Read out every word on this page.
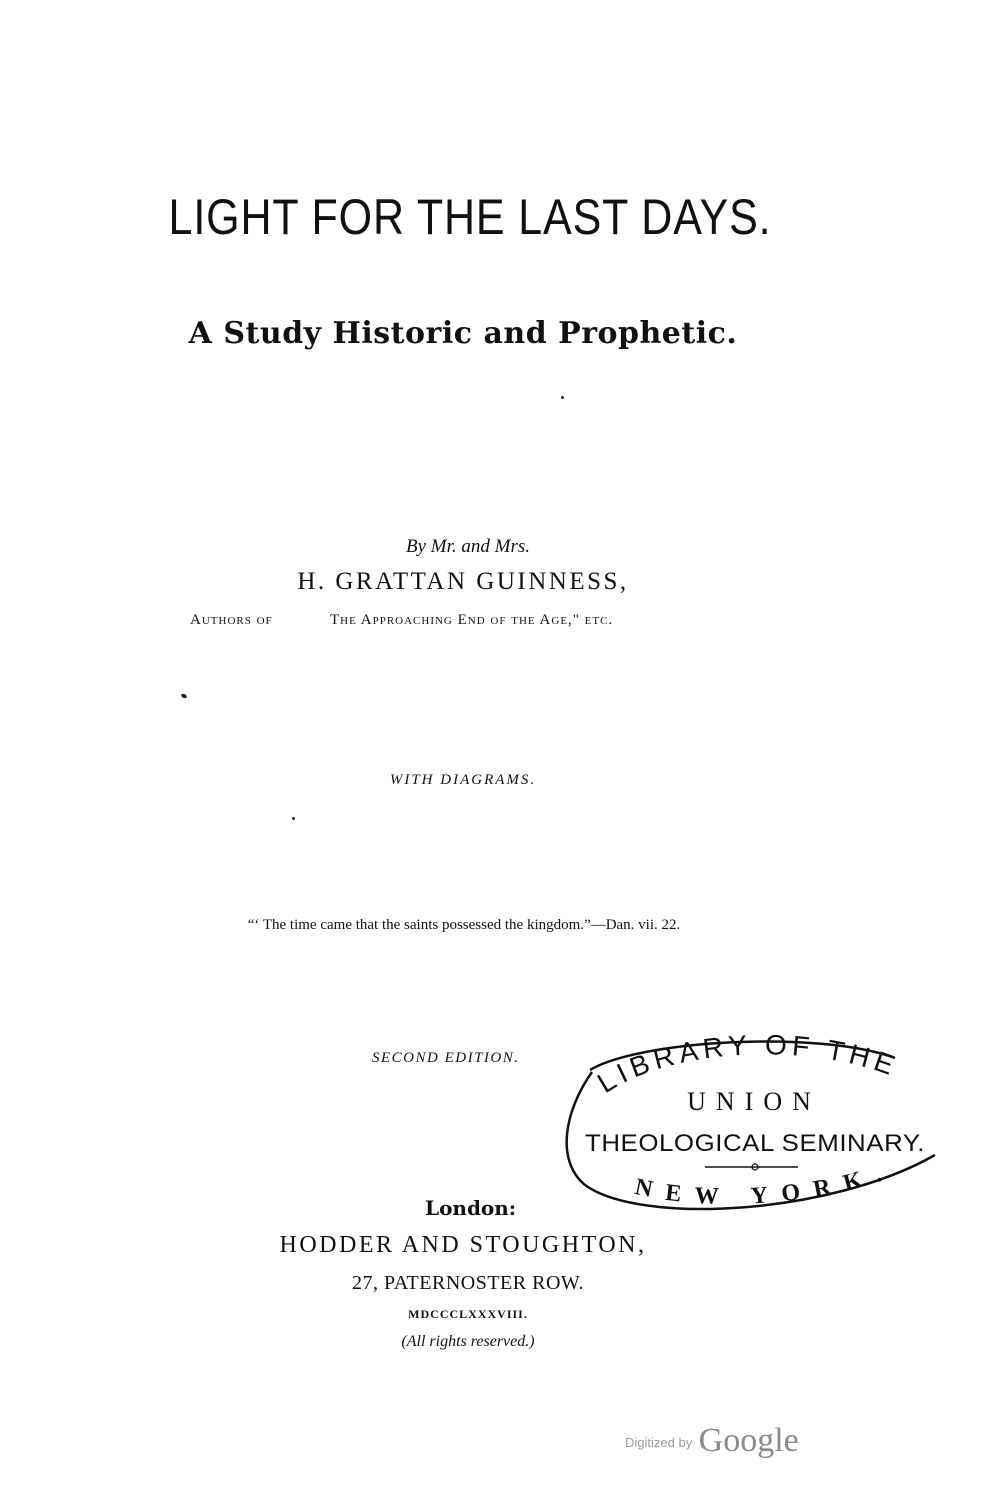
LIGHT FOR THE LAST DAYS.
A Study Historic and Prophetic.
By Mr. and Mrs.
H. GRATTAN GUINNESS,
Authors of	The Approaching End of the Age," etc.
WITH DIAGRAMS.
“‘ The time came that the saints possessed the kingdom.”—Dan. vii. 22.
SECOND EDITION.
LIBRARY OF THE
UNION
THEOLOGICAL SEMINARY.
NEW YORK.
London:
HODDER AND STOUGHTON,
27, PATERNOSTER ROW.
MDCCCLXXXVIII.
(All rights reserved.)
Digitized by Google
